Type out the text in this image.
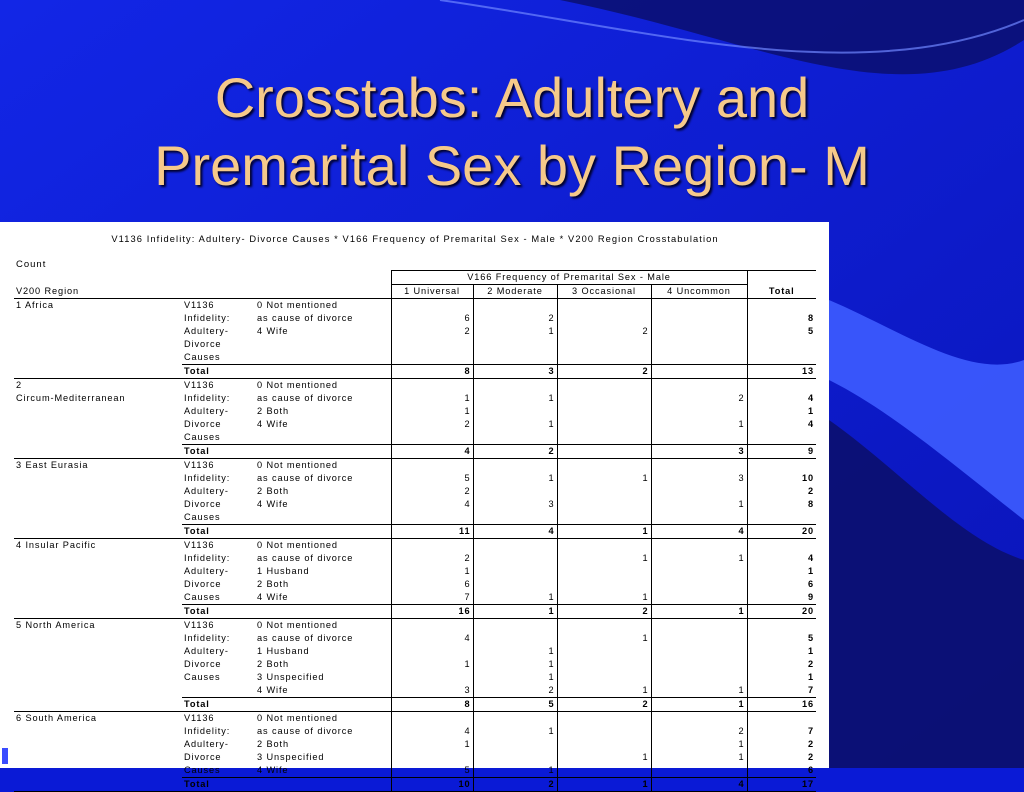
Crosstabs: Adultery and
Premarital Sex by Region- M
V1136 Infidelity: Adultery- Divorce Causes * V166 Frequency of Premarital Sex - Male * V200 Region Crosstabulation
Count
			V166 Frequency of Premarital Sex - Male				
V200 Region			1 Universal	2 Moderate	3 Occasional	4 Uncommon	Total
1 Africa	V1136	0 Not mentioned					
	Infidelity:	as cause of divorce	6	2			8
	Adultery-	4 Wife	2	1	2		5
	Divorce						
	Causes						
	Total		8	3	2		13
2	V1136	0 Not mentioned					
Circum-Mediterranean	Infidelity:	as cause of divorce	1	1		2	4
	Adultery-	2 Both	1				1
	Divorce	4 Wife	2	1		1	4
	Causes						
	Total		4	2		3	9
3 East Eurasia	V1136	0 Not mentioned					
	Infidelity:	as cause of divorce	5	1	1	3	10
	Adultery-	2 Both	2				2
	Divorce	4 Wife	4	3		1	8
	Causes						
	Total		11	4	1	4	20
4 Insular Pacific	V1136	0 Not mentioned					
	Infidelity:	as cause of divorce	2		1	1	4
	Adultery-	1 Husband	1				1
	Divorce	2 Both	6				6
	Causes	4 Wife	7	1	1		9
	Total		16	1	2	1	20
5 North America	V1136	0 Not mentioned					
	Infidelity:	as cause of divorce	4		1		5
	Adultery-	1 Husband		1			1
	Divorce	2 Both	1	1			2
	Causes	3 Unspecified		1			1
		4 Wife	3	2	1	1	7
	Total		8	5	2	1	16
6 South America	V1136	0 Not mentioned					
	Infidelity:	as cause of divorce	4	1		2	7
	Adultery-	2 Both	1			1	2
	Divorce	3 Unspecified			1	1	2
	Causes	4 Wife	5	1			6
	Total		10	2	1	4	17
